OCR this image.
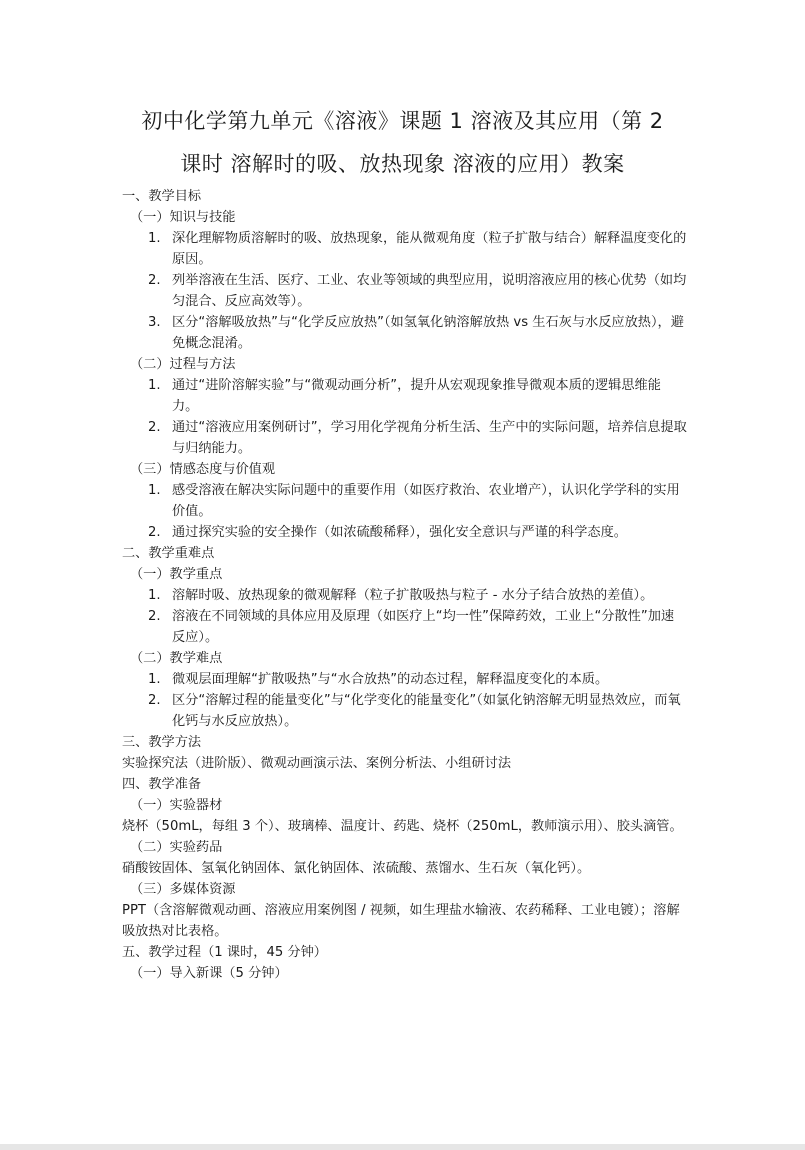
初中化学第九单元《溶液》课题 1 溶液及其应用（第 2
课时 溶解时的吸、放热现象 溶液的应用）教案

一、教学目标

（一）知识与技能

1. 深化理解物质溶解时的吸、放热现象，能从微观角度（粒子扩散与结合）解释温度变化的原因。

2. 列举溶液在生活、医疗、工业、农业等领域的典型应用，说明溶液应用的核心优势（如均匀混合、反应高效等）。

3. 区分“溶解吸放热”与“化学反应放热”（如氢氧化钠溶解放热 vs 生石灰与水反应放热），避免概念混淆。

（二）过程与方法

1. 通过“进阶溶解实验”与“微观动画分析”，提升从宏观现象推导微观本质的逻辑思维能力。

2. 通过“溶液应用案例研讨”，学习用化学视角分析生活、生产中的实际问题，培养信息提取与归纳能力。

（三）情感态度与价值观

1. 感受溶液在解决实际问题中的重要作用（如医疗救治、农业增产），认识化学学科的实用价值。

2. 通过探究实验的安全操作（如浓硫酸稀释），强化安全意识与严谨的科学态度。

二、教学重难点

（一）教学重点

1. 溶解时吸、放热现象的微观解释（粒子扩散吸热与粒子 - 水分子结合放热的差值）。

2. 溶液在不同领域的具体应用及原理（如医疗上“均一性”保障药效，工业上“分散性”加速反应）。

（二）教学难点

1. 微观层面理解“扩散吸热”与“水合放热”的动态过程，解释温度变化的本质。

2. 区分“溶解过程的能量变化”与“化学变化的能量变化”（如氯化钠溶解无明显热效应，而氧化钙与水反应放热）。

三、教学方法

实验探究法（进阶版）、微观动画演示法、案例分析法、小组研讨法

四、教学准备

（一）实验器材

烧杯（50mL，每组 3 个）、玻璃棒、温度计、药匙、烧杯（250mL，教师演示用）、胶头滴管。

（二）实验药品

硝酸铵固体、氢氧化钠固体、氯化钠固体、浓硫酸、蒸馏水、生石灰（氧化钙）。

（三）多媒体资源

PPT（含溶解微观动画、溶液应用案例图 / 视频，如生理盐水输液、农药稀释、工业电镀）；溶解吸放热对比表格。

五、教学过程（1 课时，45 分钟）

（一）导入新课（5 分钟）
